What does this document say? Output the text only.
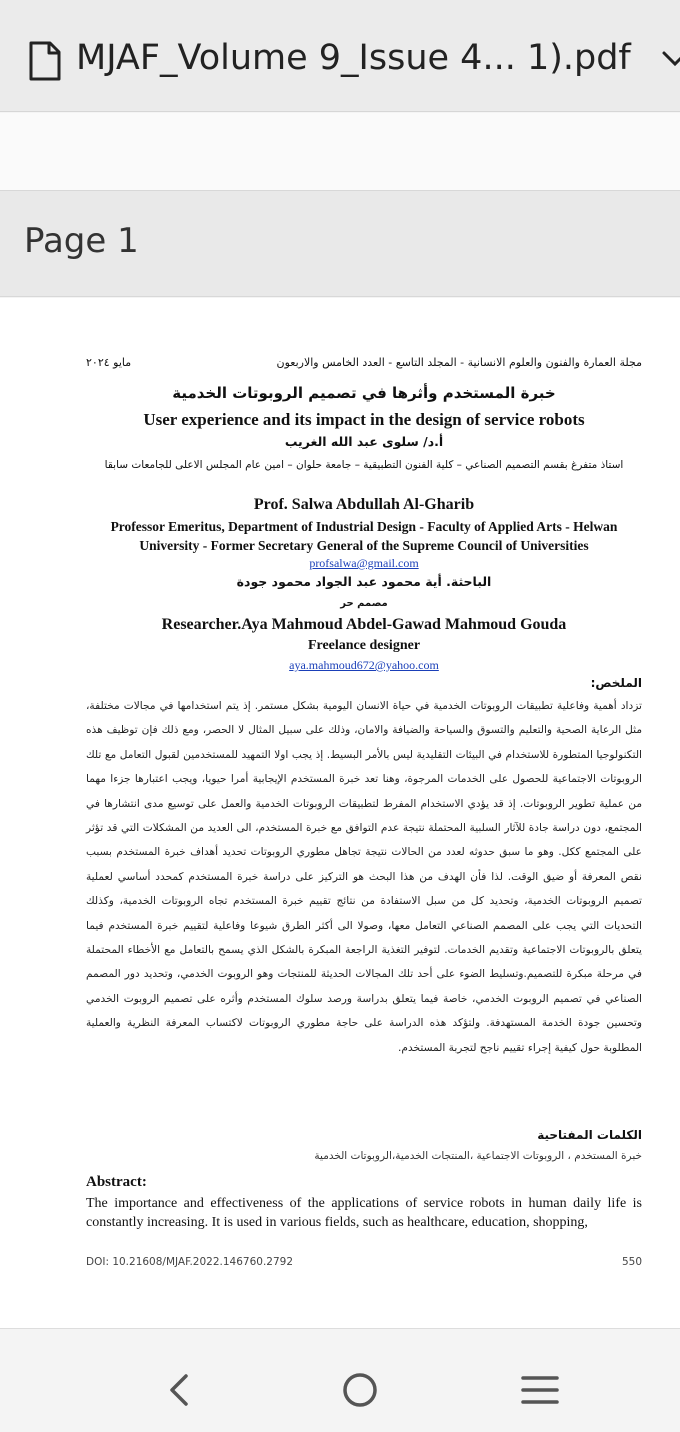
MJAF_Volume 9_Issue 4... 1).pdf
Page 1
مجلة العمارة والفنون والعلوم الانسانية - المجلد التاسع - العدد الخامس والاربعون
مايو ٢٠٢٤
خبرة المستخدم وأثرها في تصميم الروبوتات الخدمية
User experience and its impact in the design of service robots
أ.د/ سلوى عبد الله الغريب
استاذ متفرغ بقسم التصميم الصناعي – كلية الفنون التطبيقية – جامعة حلوان – امين عام المجلس الاعلى للجامعات سابقا
Prof. Salwa Abdullah Al-Gharib
Professor Emeritus, Department of Industrial Design - Faculty of Applied Arts - Helwan University - Former Secretary General of the Supreme Council of Universities
profsalwa@gmail.com
الباحثة. أية محمود عبد الجواد محمود جودة
مصمم حر
Researcher.Aya Mahmoud Abdel-Gawad Mahmoud Gouda
Freelance designer
aya.mahmoud672@yahoo.com
الملخص:
تزداد أهمية وفاعلية تطبيقات الروبوتات الخدمية في حياة الانسان اليومية بشكل مستمر. إذ يتم استخدامها في مجالات مختلفة، مثل الرعاية الصحية والتعليم والتسوق والسياحة والضيافة والامان، وذلك على سبيل المثال لا الحصر، ومع ذلك فإن توظيف هذه التكنولوجيا المتطورة للاستخدام في البيئات التقليدية ليس بالأمر البسيط. إذ يجب اولا التمهيد للمستخدمين لقبول التعامل مع تلك الروبوتات الاجتماعية للحصول على الخدمات المرجوة، وهنا تعد خبرة المستخدم الإيجابية أمرا حيويا، ويجب اعتبارها جزءا مهما من عملية تطوير الروبوتات. إذ قد يؤدي الاستخدام المفرط لتطبيقات الروبوتات الخدمية والعمل على توسيع مدى انتشارها في المجتمع، دون دراسة جادة للآثار السلبية المحتملة نتيجة عدم التوافق مع خبرة المستخدم، الى العديد من المشكلات التي قد تؤثر على المجتمع ككل. وهو ما سبق حدوثه لعدد من الحالات نتيجة تجاهل مطوري الروبوتات تحديد أهداف خبرة المستخدم بسبب نقص المعرفة أو ضيق الوقت. لذا فأن الهدف من هذا البحث هو التركيز على دراسة خبرة المستخدم كمحدد أساسي لعملية تصميم الروبوتات الخدمية، وتحديد كل من سبل الاستفادة من نتائج تقييم خبرة المستخدم تجاه الروبوتات الخدمية، وكذلك التحديات التي يجب على المصمم الصناعي التعامل معها، وصولا الى أكثر الطرق شيوعا وفاعلية لتقييم خبرة المستخدم فيما يتعلق بالروبوتات الاجتماعية وتقديم الخدمات. لتوفير التغذية الراجعة المبكرة بالشكل الذي يسمح بالتعامل مع الأخطاء المحتملة في مرحلة مبكرة للتصميم.وتسليط الضوء على أحد تلك المجالات الحديثة للمنتجات وهو الروبوت الخدمي، وتحديد دور المصمم الصناعي في تصميم الروبوت الخدمي، خاصة فيما يتعلق بدراسة ورصد سلوك المستخدم وأثره على تصميم الروبوت الخدمي وتحسين جودة الخدمة المستهدفة. ولتؤكد هذه الدراسة على حاجة مطوري الروبوتات لاكتساب المعرفة النظرية والعملية المطلوبة حول كيفية إجراء تقييم ناجح لتجربة المستخدم.
الكلمات المفتاحية
خبرة المستخدم ، الروبوتات الاجتماعية ،المنتجات الخدمية،الروبوتات الخدمية
Abstract:
The importance and effectiveness of the applications of service robots in human daily life is constantly increasing. It is used in various fields, such as healthcare, education, shopping,
DOI: 10.21608/MJAF.2022.146760.2792	550
